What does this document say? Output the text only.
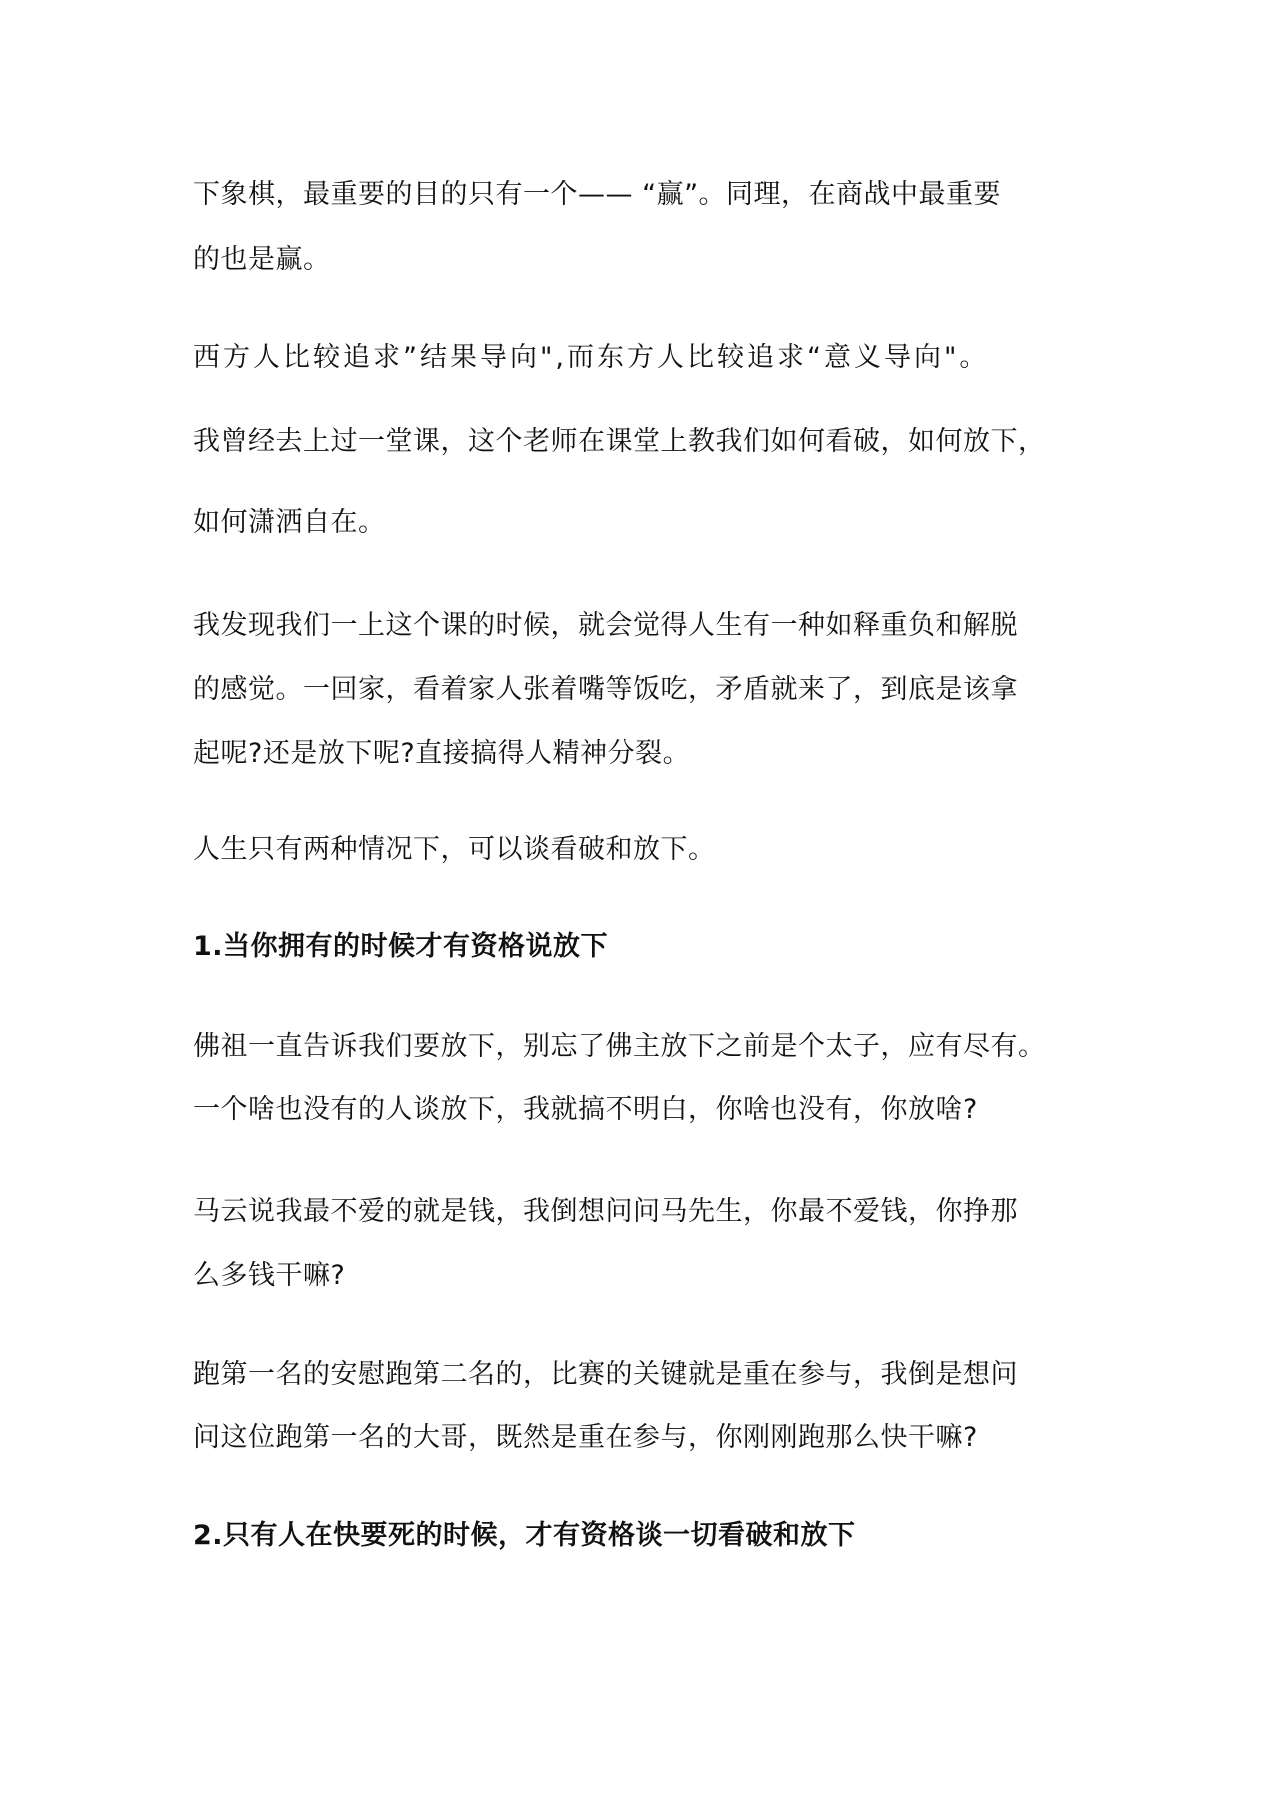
下象棋，最重要的目的只有一个—— “赢”。同理，在商战中最重要
的也是赢。
西方人比较追求”结果导向",而东方人比较追求“意义导向"。
我曾经去上过一堂课，这个老师在课堂上教我们如何看破，如何放下，
如何潇洒自在。
我发现我们一上这个课的时候，就会觉得人生有一种如释重负和解脱
的感觉。一回家，看着家人张着嘴等饭吃，矛盾就来了，到底是该拿
起呢?还是放下呢?直接搞得人精神分裂。
人生只有两种情况下，可以谈看破和放下。
1.当你拥有的时候才有资格说放下
佛祖一直告诉我们要放下，别忘了佛主放下之前是个太子，应有尽有。
一个啥也没有的人谈放下，我就搞不明白，你啥也没有，你放啥?
马云说我最不爱的就是钱，我倒想问问马先生，你最不爱钱，你挣那
么多钱干嘛?
跑第一名的安慰跑第二名的，比赛的关键就是重在参与，我倒是想问
问这位跑第一名的大哥，既然是重在参与，你刚刚跑那么快干嘛?
2.只有人在快要死的时候，才有资格谈一切看破和放下
